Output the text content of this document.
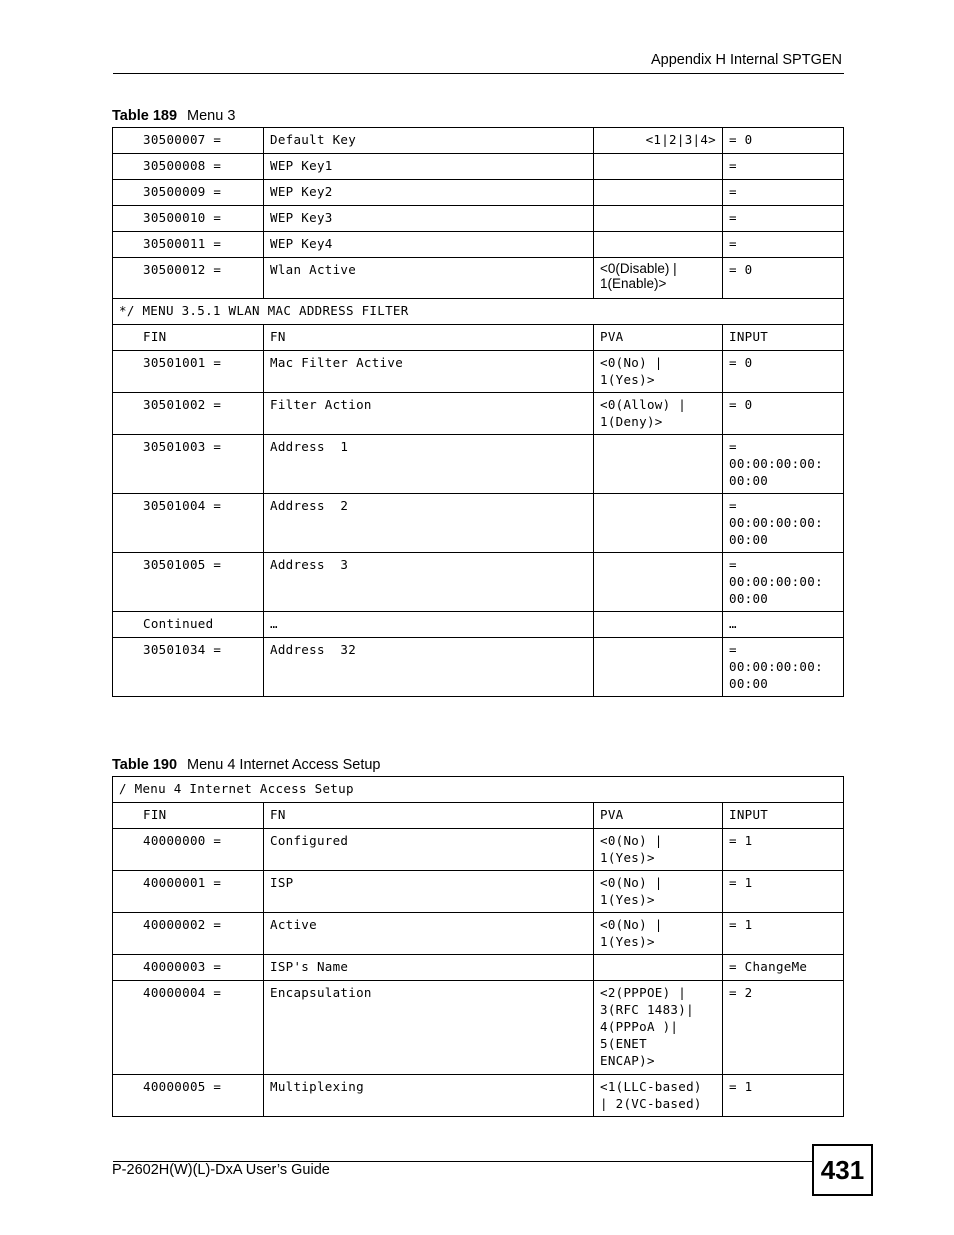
Appendix H Internal SPTGEN
Table 189 Menu 3
30500007 =	Default Key	<1|2|3|4>	= 0
30500008 =	WEP Key1		=
30500009 =	WEP Key2		=
30500010 =	WEP Key3		=
30500011 =	WEP Key4		=
30500012 =	Wlan Active	<0(Disable) |
1(Enable)>	= 0
*/ MENU 3.5.1 WLAN MAC ADDRESS FILTER			
FIN	FN	PVA	INPUT
30501001 =	Mac Filter Active	<0(No) |
1(Yes)>	= 0
30501002 =	Filter Action	<0(Allow) |
1(Deny)>	= 0
30501003 =	Address  1		=
00:00:00:00:
00:00
30501004 =	Address  2		=
00:00:00:00:
00:00
30501005 =	Address  3		=
00:00:00:00:
00:00
Continued	…		…
30501034 =	Address  32		=
00:00:00:00:
00:00
Table 190 Menu 4 Internet Access Setup
/ Menu 4 Internet Access Setup			
FIN	FN	PVA	INPUT
40000000 =	Configured	<0(No) |
1(Yes)>	= 1
40000001 =	ISP	<0(No) |
1(Yes)>	= 1
40000002 =	Active	<0(No) |
1(Yes)>	= 1
40000003 =	ISP's Name		= ChangeMe
40000004 =	Encapsulation	<2(PPPOE) |
3(RFC 1483)|
4(PPPoA )|
5(ENET
ENCAP)>	= 2
40000005 =	Multiplexing	<1(LLC-based)
| 2(VC-based)	= 1
P-2602H(W)(L)-DxA User’s Guide	431
